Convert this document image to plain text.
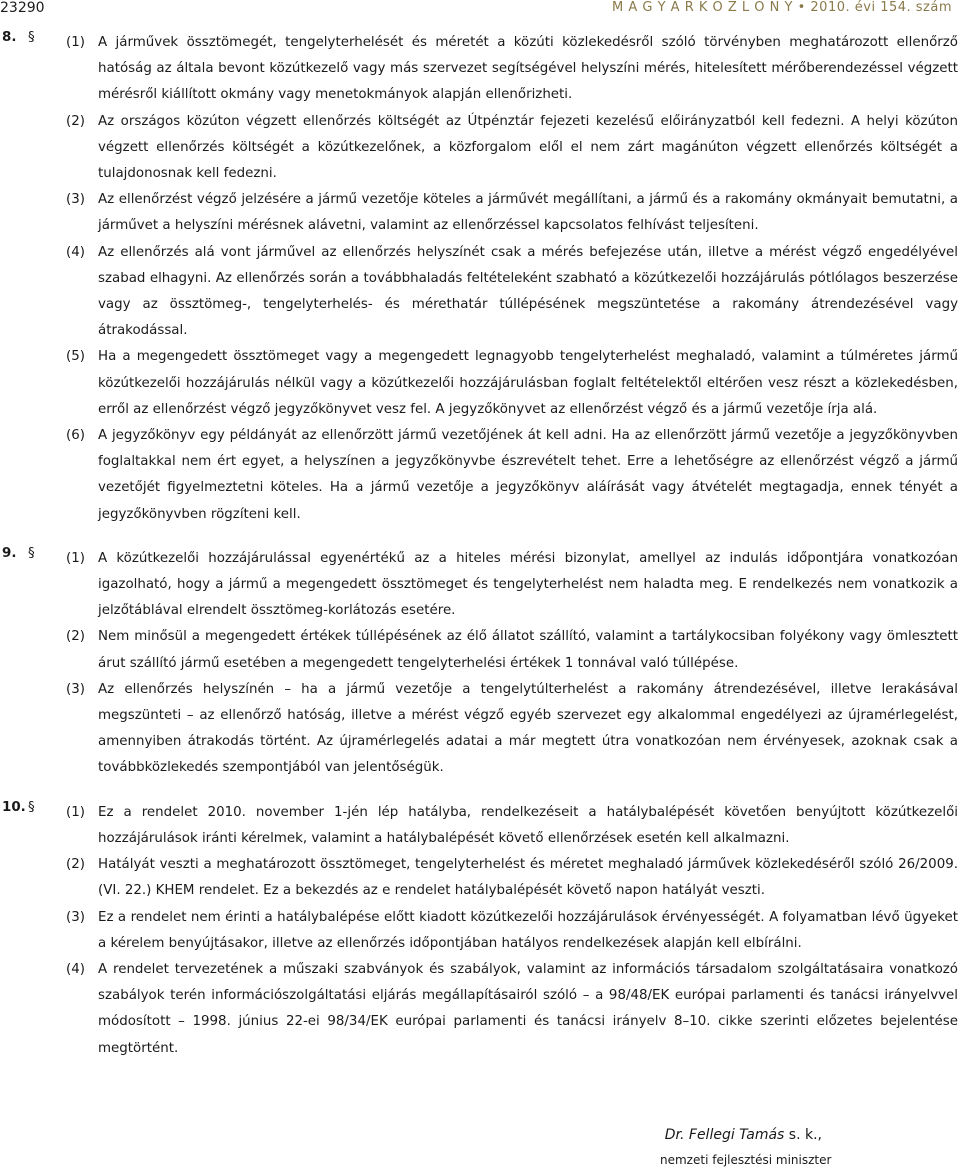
23290	M A G Y A R K Ö Z L Ö N Y • 2010. évi 154. szám
8. § (1) A járművek össztömegét, tengelyterhelését és méretét a közúti közlekedésről szóló törvényben meghatározott ellenőrző hatóság az általa bevont közútkezelő vagy más szervezet segítségével helyszíni mérés, hitelesített mérőberendezéssel végzett mérésről kiállított okmány vagy menetokmányok alapján ellenőrizheti.
(2) Az országos közúton végzett ellenőrzés költségét az Útpénztár fejezeti kezelésű előirányzatból kell fedezni. A helyi közúton végzett ellenőrzés költségét a közútkezelőnek, a közforgalom elől el nem zárt magánúton végzett ellenőrzés költségét a tulajdonosnak kell fedezni.
(3) Az ellenőrzést végző jelzésére a jármű vezetője köteles a járművét megállítani, a jármű és a rakomány okmányait bemutatni, a járművet a helyszíni mérésnek alávetni, valamint az ellenőrzéssel kapcsolatos felhívást teljesíteni.
(4) Az ellenőrzés alá vont járművel az ellenőrzés helyszínét csak a mérés befejezése után, illetve a mérést végző engedélyével szabad elhagyni. Az ellenőrzés során a továbbhaladás feltételeként szabható a közútkezelői hozzájárulás pótlólagos beszerzése vagy az össztömeg-, tengelyterhelés- és mérethatár túllépésének megszüntetése a rakomány átrendezésével vagy átrakodással.
(5) Ha a megengedett össztömeget vagy a megengedett legnagyobb tengelyterhelést meghaladó, valamint a túlméretes jármű közútkezelői hozzájárulás nélkül vagy a közútkezelői hozzájárulásban foglalt feltételektől eltérően vesz részt a közlekedésben, erről az ellenőrzést végző jegyzőkönyvet vesz fel. A jegyzőkönyvet az ellenőrzést végző és a jármű vezetője írja alá.
(6) A jegyzőkönyv egy példányát az ellenőrzött jármű vezetőjének át kell adni. Ha az ellenőrzött jármű vezetője a jegyzőkönyvben foglaltakkal nem ért egyet, a helyszínen a jegyzőkönyvbe észrevételt tehet. Erre a lehetőségre az ellenőrzést végző a jármű vezetőjét figyelmeztetni köteles. Ha a jármű vezetője a jegyzőkönyv aláírását vagy átvételét megtagadja, ennek tényét a jegyzőkönyvben rögzíteni kell.
9. § (1) A közútkezelői hozzájárulással egyenértékű az a hiteles mérési bizonylat, amellyel az indulás időpontjára vonatkozóan igazolható, hogy a jármű a megengedett össztömeget és tengelyterhelést nem haladta meg. E rendelkezés nem vonatkozik a jelzőtáblával elrendelt össztömeg-korlátozás esetére.
(2) Nem minősül a megengedett értékek túllépésének az élő állatot szállító, valamint a tartálykocsiban folyékony vagy ömlesztett árut szállító jármű esetében a megengedett tengelyterhelési értékek 1 tonnával való túllépése.
(3) Az ellenőrzés helyszínén – ha a jármű vezetője a tengelytúlterhelést a rakomány átrendezésével, illetve lerakásával megszünteti – az ellenőrző hatóság, illetve a mérést végző egyéb szervezet egy alkalommal engedélyezi az újramérlegelést, amennyiben átrakodás történt. Az újramérlegelés adatai a már megtett útra vonatkozóan nem érvényesek, azoknak csak a továbbközlekedés szempontjából van jelentőségük.
10. § (1) Ez a rendelet 2010. november 1-jén lép hatályba, rendelkezéseit a hatálybalépését követően benyújtott közútkezelői hozzájárulások iránti kérelmek, valamint a hatálybalépését követő ellenőrzések esetén kell alkalmazni.
(2) Hatályát veszti a meghatározott össztömeget, tengelyterhelést és méretet meghaladó járművek közlekedéséről szóló 26/2009. (VI. 22.) KHEM rendelet. Ez a bekezdés az e rendelet hatálybalépését követő napon hatályát veszti.
(3) Ez a rendelet nem érinti a hatálybalépése előtt kiadott közútkezelői hozzájárulások érvényességét. A folyamatban lévő ügyeket a kérelem benyújtásakor, illetve az ellenőrzés időpontjában hatályos rendelkezések alapján kell elbírálni.
(4) A rendelet tervezetének a műszaki szabványok és szabályok, valamint az információs társadalom szolgáltatásaira vonatkozó szabályok terén információszolgáltatási eljárás megállapításairól szóló – a 98/48/EK európai parlamenti és tanácsi irányelvvel módosított – 1998. június 22-ei 98/34/EK európai parlamenti és tanácsi irányelv 8–10. cikke szerinti előzetes bejelentése megtörtént.
Dr. Fellegi Tamás s. k.,
nemzeti fejlesztési miniszter
